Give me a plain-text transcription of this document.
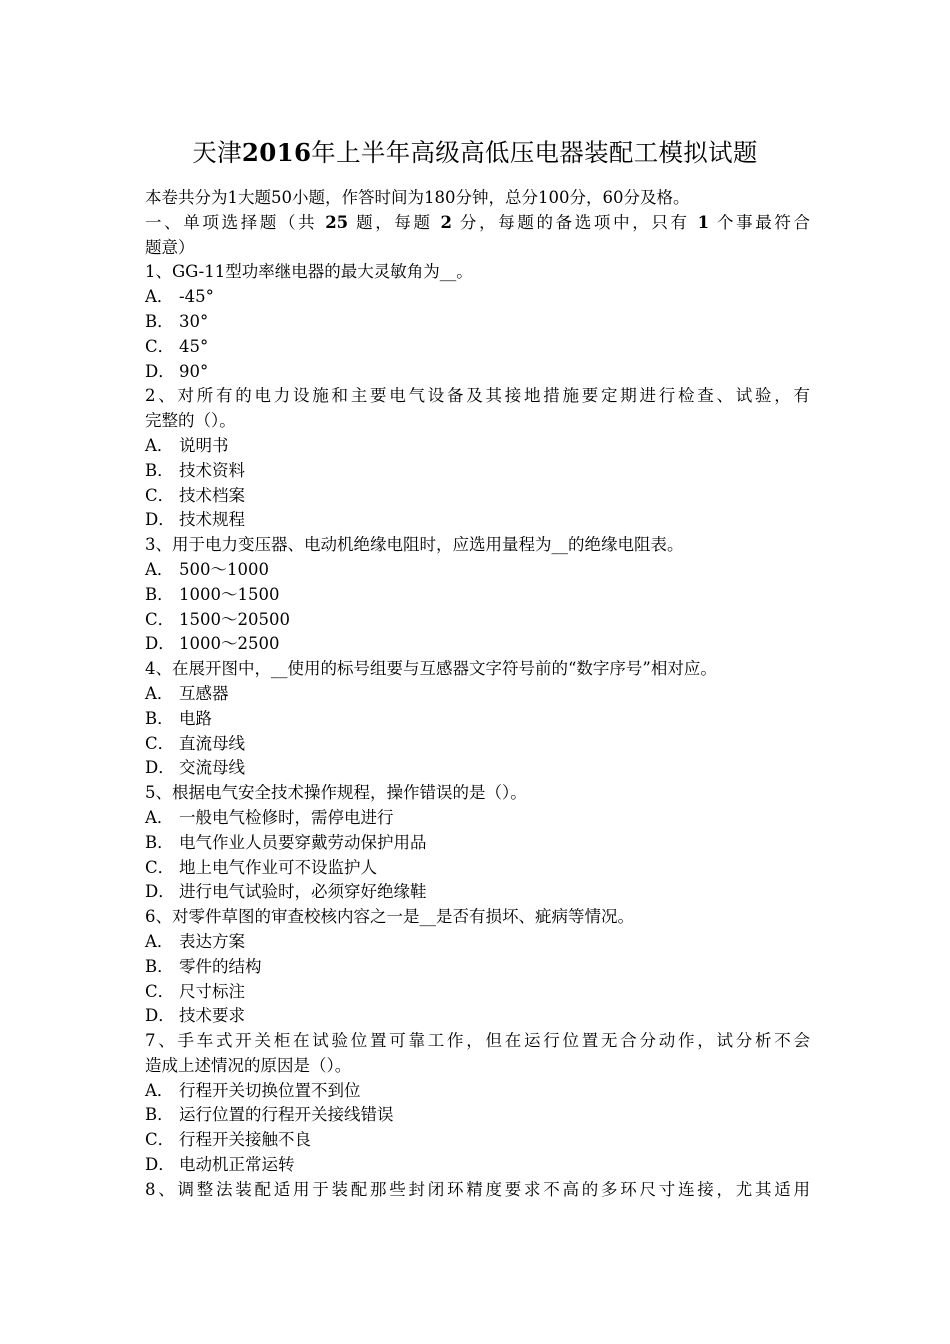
天津2016年上半年高级高低压电器装配工模拟试题
本卷共分为1大题50小题，作答时间为180分钟，总分100分，60分及格。
一、单项选择题（共 25 题，每题 2 分，每题的备选项中，只有 1 个事最符合
题意）
1、GG-11型功率继电器的最大灵敏角为__。
A． -45°
B． 30°
C． 45°
D． 90°
2、对所有的电力设施和主要电气设备及其接地措施要定期进行检查、试验，有
完整的（）。
A． 说明书
B． 技术资料
C． 技术档案
D． 技术规程
3、用于电力变压器、电动机绝缘电阻时，应选用量程为__的绝缘电阻表。
A． 500～1000
B． 1000～1500
C． 1500～20500
D． 1000～2500
4、在展开图中，__使用的标号组要与互感器文字符号前的“数字序号”相对应。
A． 互感器
B． 电路
C． 直流母线
D． 交流母线
5、根据电气安全技术操作规程，操作错误的是（）。
A． 一般电气检修时，需停电进行
B． 电气作业人员要穿戴劳动保护用品
C． 地上电气作业可不设监护人
D． 进行电气试验时，必须穿好绝缘鞋
6、对零件草图的审查校核内容之一是__是否有损坏、疵病等情况。
A． 表达方案
B． 零件的结构
C． 尺寸标注
D． 技术要求
7、手车式开关柜在试验位置可靠工作，但在运行位置无合分动作，试分析不会
造成上述情况的原因是（）。
A． 行程开关切换位置不到位
B． 运行位置的行程开关接线错误
C． 行程开关接触不良
D． 电动机正常运转
8、调整法装配适用于装配那些封闭环精度要求不高的多环尺寸连接，尤其适用
